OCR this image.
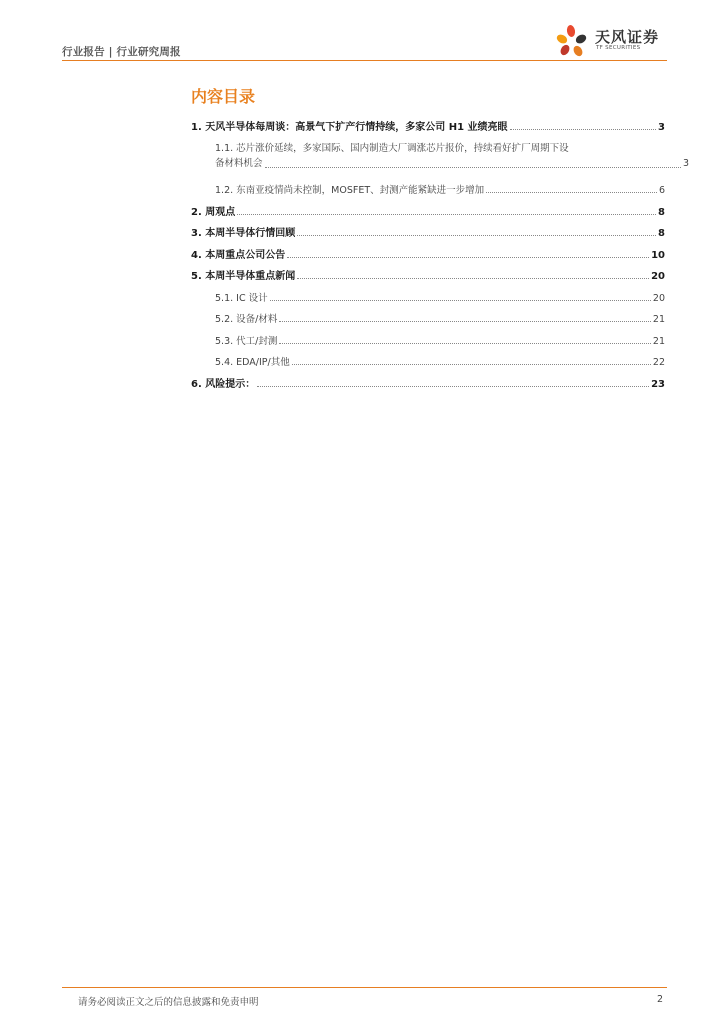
行业报告 | 行业研究周报
天风证券
TF SECURITIES
内容目录
1. 天风半导体每周谈：高景气下扩产行情持续，多家公司 H1 业绩亮眼	3
1.1. 芯片涨价延续，多家国际、国内制造大厂调涨芯片报价，持续看好扩厂周期下设
备材料机会	3
1.2. 东南亚疫情尚未控制，MOSFET、封测产能紧缺进一步增加	6
2. 周观点	8
3. 本周半导体行情回顾	8
4. 本周重点公司公告	10
5. 本周半导体重点新闻	20
5.1. IC 设计	20
5.2. 设备/材料	21
5.3. 代工/封测	21
5.4. EDA/IP/其他	22
6. 风险提示：	23
请务必阅读正文之后的信息披露和免责申明	2
